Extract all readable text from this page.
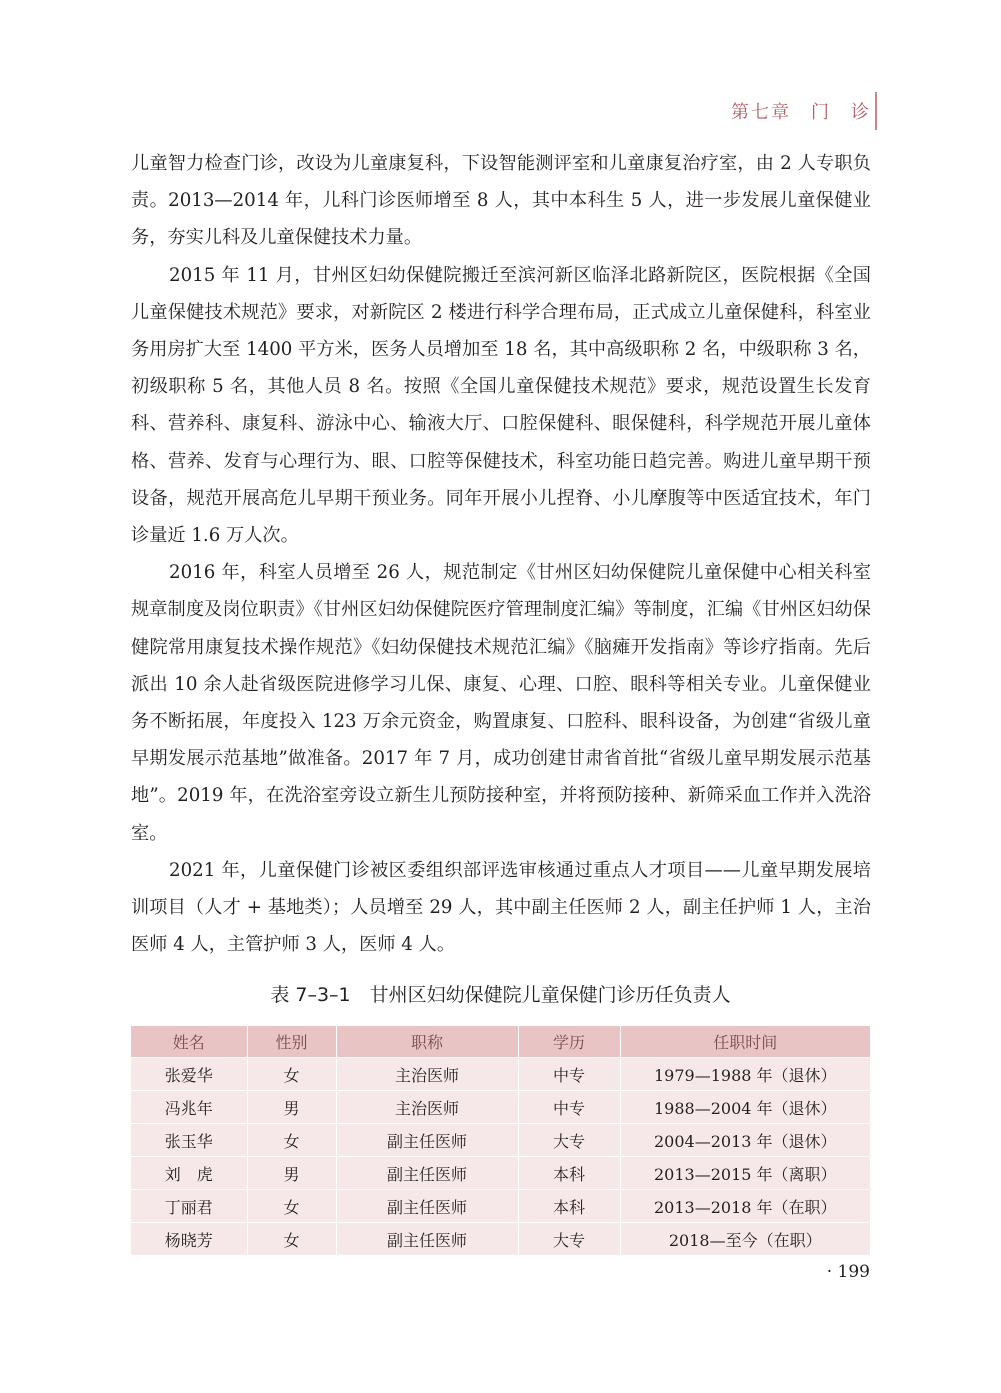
第七章　门　诊

儿童智力检查门诊，改设为儿童康复科，下设智能测评室和儿童康复治疗室，由 2 人专职负责。2013—2014 年，儿科门诊医师增至 8 人，其中本科生 5 人，进一步发展儿童保健业务，夯实儿科及儿童保健技术力量。

2015 年 11 月，甘州区妇幼保健院搬迁至滨河新区临泽北路新院区，医院根据《全国儿童保健技术规范》要求，对新院区 2 楼进行科学合理布局，正式成立儿童保健科，科室业务用房扩大至 1400 平方米，医务人员增加至 18 名，其中高级职称 2 名，中级职称 3 名，初级职称 5 名，其他人员 8 名。按照《全国儿童保健技术规范》要求，规范设置生长发育科、营养科、康复科、游泳中心、输液大厅、口腔保健科、眼保健科，科学规范开展儿童体格、营养、发育与心理行为、眼、口腔等保健技术，科室功能日趋完善。购进儿童早期干预设备，规范开展高危儿早期干预业务。同年开展小儿捏脊、小儿摩腹等中医适宜技术，年门诊量近 1.6 万人次。

2016 年，科室人员增至 26 人，规范制定《甘州区妇幼保健院儿童保健中心相关科室规章制度及岗位职责》《甘州区妇幼保健院医疗管理制度汇编》等制度，汇编《甘州区妇幼保健院常用康复技术操作规范》《妇幼保健技术规范汇编》《脑瘫开发指南》等诊疗指南。先后派出 10 余人赴省级医院进修学习儿保、康复、心理、口腔、眼科等相关专业。儿童保健业务不断拓展，年度投入 123 万余元资金，购置康复、口腔科、眼科设备，为创建“省级儿童早期发展示范基地”做准备。2017 年 7 月，成功创建甘肃省首批“省级儿童早期发展示范基地”。2019 年，在洗浴室旁设立新生儿预防接种室，并将预防接种、新筛采血工作并入洗浴室。

2021 年，儿童保健门诊被区委组织部评选审核通过重点人才项目——儿童早期发展培训项目（人才 + 基地类）；人员增至 29 人，其中副主任医师 2 人，副主任护师 1 人，主治医师 4 人，主管护师 3 人，医师 4 人。

表 7–3–1　甘州区妇幼保健院儿童保健门诊历任负责人
姓名	性别	职称	学历	任职时间
张爱华	女	主治医师	中专	1979—1988 年（退休）
冯兆年	男	主治医师	中专	1988—2004 年（退休）
张玉华	女	副主任医师	大专	2004—2013 年（退休）
刘　虎	男	副主任医师	本科	2013—2015 年（离职）
丁丽君	女	副主任医师	本科	2013—2018 年（在职）
杨晓芳	女	副主任医师	大专	2018—至今（在职）
· 199
